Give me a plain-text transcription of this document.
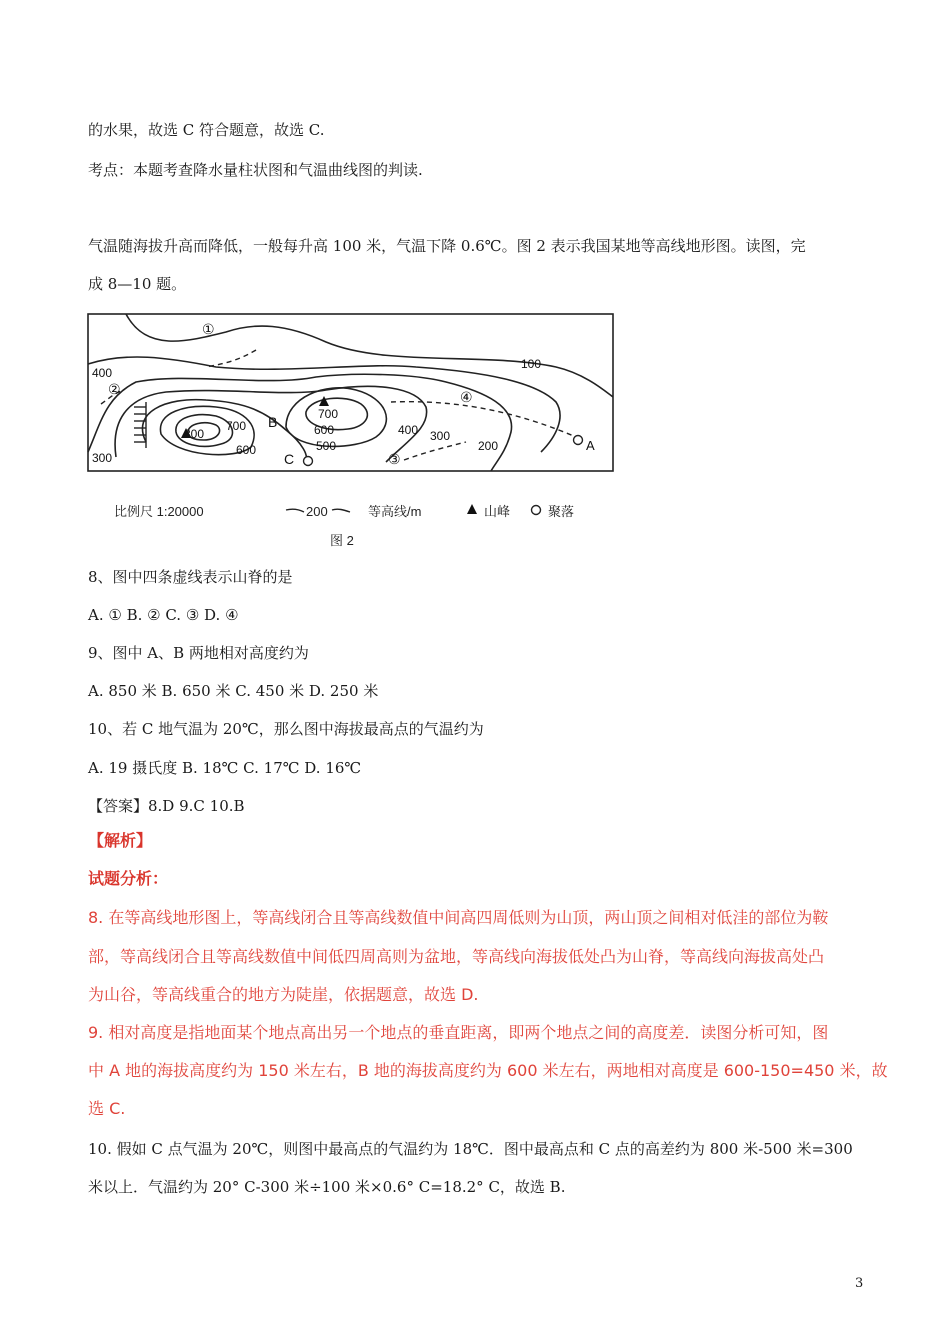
的水果，故选 C 符合题意，故选 C.
考点：本题考查降水量柱状图和气温曲线图的判读.
气温随海拔升高而降低，一般每升高 100 米，气温下降 0.6℃。图 2 表示我国某地等高线地形图。读图，完
成 8—10 题。
100
400
300
800
700
600
B	700
600
500
C
400 300
200	A
①
②
③
④
比例尺 1:20000	200	等高线/m	山峰	聚落
图 2
8、图中四条虚线表示山脊的是
A. ① B. ② C. ③ D. ④
9、图中 A、B 两地相对高度约为
A. 850 米 B. 650 米 C. 450 米 D. 250 米
10、若 C 地气温为 20℃，那么图中海拔最高点的气温约为
A. 19 摄氏度 B. 18℃ C. 17℃ D. 16℃
【答案】8.D 9.C 10.B
【解析】
试题分析：
8. 在等高线地形图上，等高线闭合且等高线数值中间高四周低则为山顶，两山顶之间相对低洼的部位为鞍
部，等高线闭合且等高线数值中间低四周高则为盆地，等高线向海拔低处凸为山脊，等高线向海拔高处凸
为山谷，等高线重合的地方为陡崖，依据题意，故选 D.
9. 相对高度是指地面某个地点高出另一个地点的垂直距离，即两个地点之间的高度差．读图分析可知，图
中 A 地的海拔高度约为 150 米左右，B 地的海拔高度约为 600 米左右，两地相对高度是 600-150=450 米，故
选 C.
10. 假如 C 点气温为 20℃，则图中最高点的气温约为 18℃．图中最高点和 C 点的高差约为 800 米-500 米=300
米以上．气温约为 20° C-300 米÷100 米×0.6° C=18.2° C，故选 B.
3
